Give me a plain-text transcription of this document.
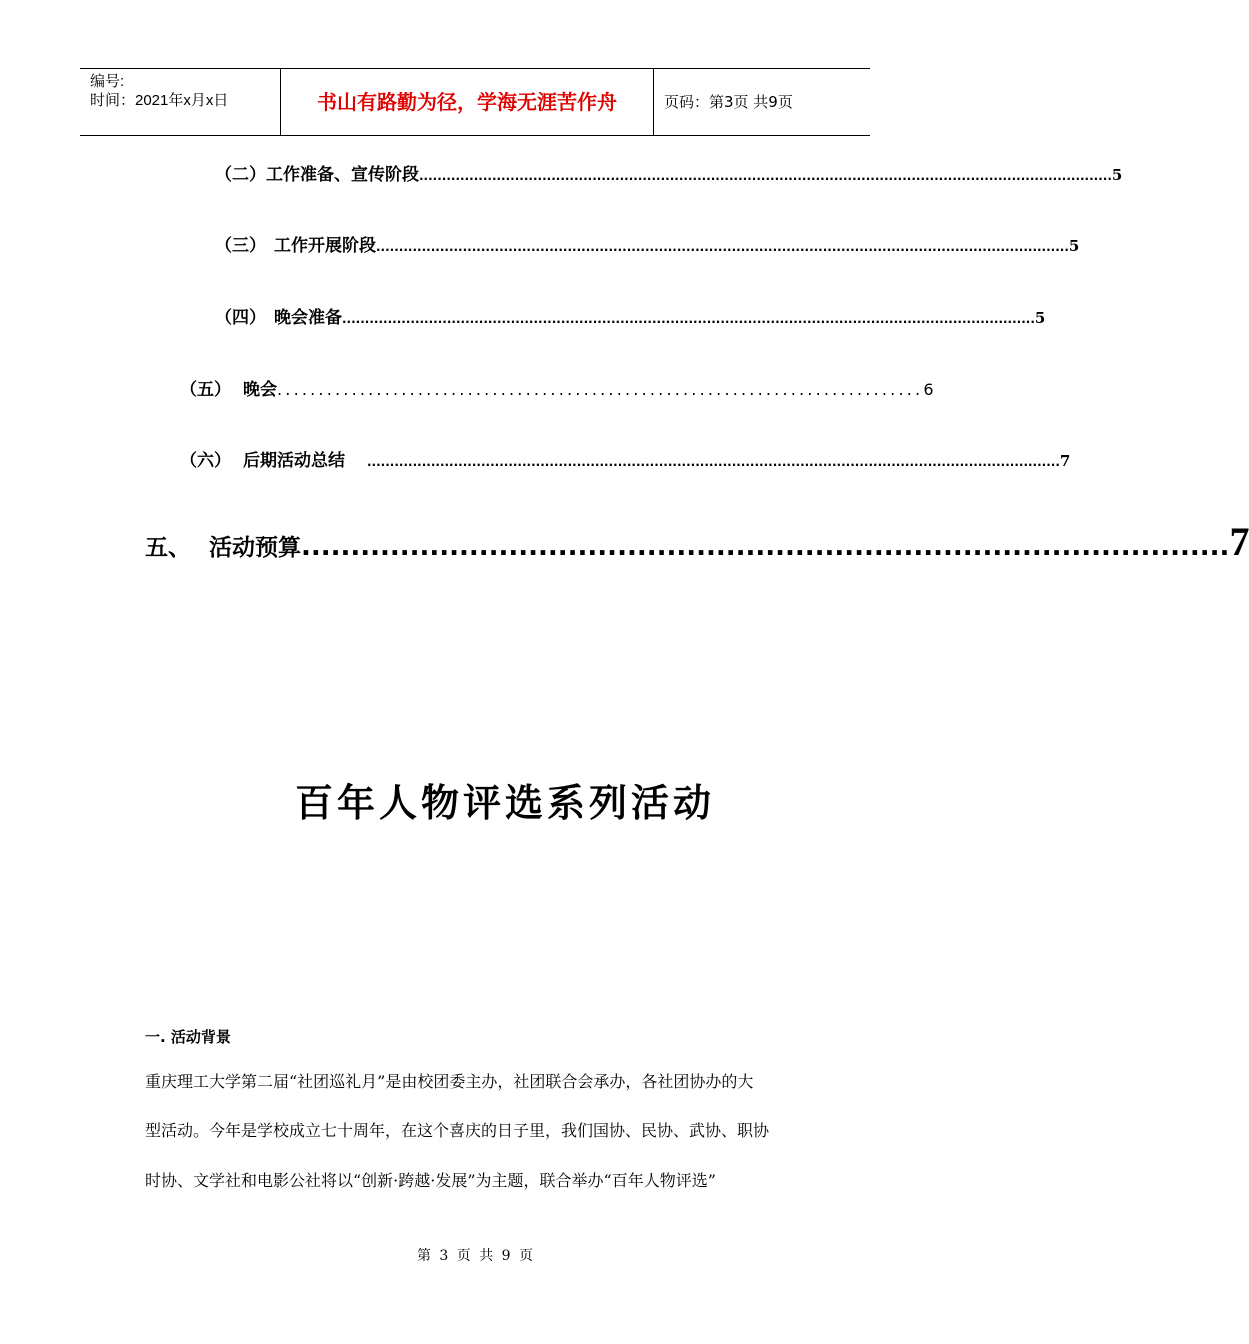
编号:
时间：2021年x月x日	书山有路勤为径，学海无涯苦作舟	页码：第3页 共9页
（二） 工作准备、宣传阶段 ........................................................................................................................................................ 5
（三） 工作开展阶段 ........................................................................................................................................................ 5
（四） 晚会准备 ........................................................................................................................................................ 5
（五） 晚会 .............................................................................. 6
（六） 后期活动总结 ........................................................................................................................................................ 7
五、 活动预算 .............................................................................................. 7
百年人物评选系列活动
一. 活动背景
重庆理工大学第二届“社团巡礼月”是由校团委主办，社团联合会承办，各社团协办的大
型活动。今年是学校成立七十周年，在这个喜庆的日子里，我们国协、民协、武协、职协
时协、文学社和电影公社将以“创新·跨越·发展”为主题，联合举办“百年人物评选”
第 3 页 共 9 页
